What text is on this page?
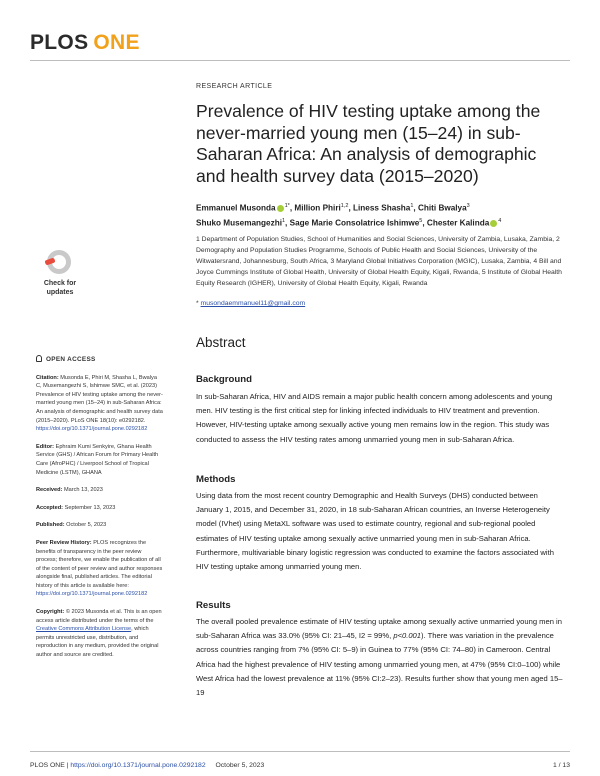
PLOS ONE
RESEARCH ARTICLE
Prevalence of HIV testing uptake among the never-married young men (15–24) in sub-Saharan Africa: An analysis of demographic and health survey data (2015–2020)
Emmanuel Musonda $^{1*}$, Million Phiri$^{1,2}$, Liness Shasha$^1$, Chiti Bwalya$^3$
Shuko Musemangezhi$^1$, Sage Marie Consolatrice Ishimwe$^5$, Chester Kalinda $^4$
1 Department of Population Studies, School of Humanities and Social Sciences, University of Zambia, Lusaka, Zambia, 2 Demography and Population Studies Programme, Schools of Public Health and Social Sciences, University of the Witwatersrand, Johannesburg, South Africa, 3 Maryland Global Initiatives Corporation (MGIC), Lusaka, Zambia, 4 Bill and Joyce Cummings Institute of Global Health, University of Global Health Equity, Kigali, Rwanda, 5 Institute of Global Health Equity Research (IGHER), University of Global Health Equity, Kigali, Rwanda
* musondaemmanuel11@gmail.com
Check for
updates
OPEN ACCESS

Citation: Musonda E, Phiri M, Shasha L, Bwalya C, Musemangezhi S, Ishimwe SMC, et al. (2023) Prevalence of HIV testing uptake among the never-married young men (15–24) in sub-Saharan Africa: An analysis of demographic and health survey data (2015–2020). PLoS ONE 18(10): e0292182. https://doi.org/10.1371/journal.pone.0292182

Editor: Ephraim Kumi Senkyire, Ghana Health Service (GHS) / African Forum for Primary Health Care (AfroPHC) / Liverpool School of Tropical Medicine (LSTM), GHANA

Received: March 13, 2023

Accepted: September 13, 2023

Published: October 5, 2023

Peer Review History: PLOS recognizes the benefits of transparency in the peer review process; therefore, we enable the publication of all of the content of peer review and author responses alongside final, published articles. The editorial history of this article is available here: https://doi.org/10.1371/journal.pone.0292182

Copyright: © 2023 Musonda et al. This is an open access article distributed under the terms of the Creative Commons Attribution License, which permits unrestricted use, distribution, and reproduction in any medium, provided the original author and source are credited.

Abstract
Background
In sub-Saharan Africa, HIV and AIDS remain a major public health concern among adolescents and young men. HIV testing is the first critical step for linking infected individuals to HIV treatment and prevention. However, HIV-testing uptake among sexually active young men remains low in the region. This study was conducted to assess the HIV testing rates among unmarried young men in sub-Saharan Africa.
Methods
Using data from the most recent country Demographic and Health Surveys (DHS) conducted between January 1, 2015, and December 31, 2020, in 18 sub-Saharan African countries, an Inverse Heterogeneity model (IVhet) using MetaXL software was used to estimate country, regional and sub-regional pooled estimates of HIV testing uptake among sexually active unmarried young men in sub-Saharan Africa. Furthermore, multivariable binary logistic regression was conducted to examine the factors associated with HIV testing uptake among unmarried young men.
Results
The overall pooled prevalence estimate of HIV testing uptake among sexually active unmarried young men in sub-Saharan Africa was 33.0% (95% CI: 21–45, I2 = 99%, p<0.001). There was variation in the prevalence across countries ranging from 7% (95% CI: 5–9) in Guinea to 77% (95% CI: 74–80) in Cameroon. Central Africa had the highest prevalence of HIV testing among unmarried young men, at 47% (95% CI:0–100) while West Africa had the lowest prevalence at 11% (95% CI:2–23). Results further show that young men aged 15–19
PLOS ONE | https://doi.org/10.1371/journal.pone.0292182 October 5, 2023	1 / 13
